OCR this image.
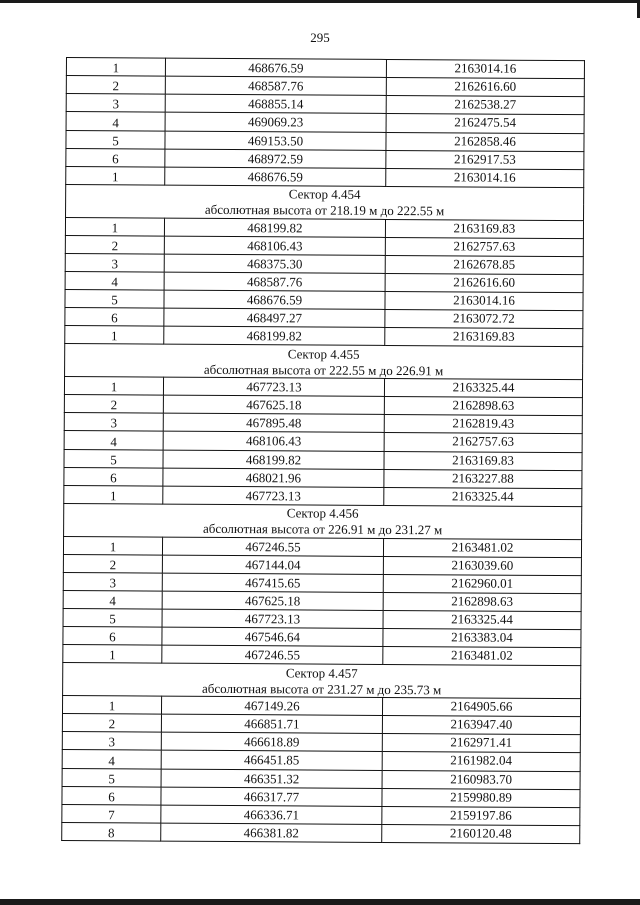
295
1	468676.59	2163014.16
2	468587.76	2162616.60
3	468855.14	2162538.27
4	469069.23	2162475.54
5	469153.50	2162858.46
6	468972.59	2162917.53
1	468676.59	2163014.16
Сектор 4.454		
абсолютная высота от 218.19 м до 222.55 м		
1	468199.82	2163169.83
2	468106.43	2162757.63
3	468375.30	2162678.85
4	468587.76	2162616.60
5	468676.59	2163014.16
6	468497.27	2163072.72
1	468199.82	2163169.83
Сектор 4.455		
абсолютная высота от 222.55 м до 226.91 м		
1	467723.13	2163325.44
2	467625.18	2162898.63
3	467895.48	2162819.43
4	468106.43	2162757.63
5	468199.82	2163169.83
6	468021.96	2163227.88
1	467723.13	2163325.44
Сектор 4.456		
абсолютная высота от 226.91 м до 231.27 м		
1	467246.55	2163481.02
2	467144.04	2163039.60
3	467415.65	2162960.01
4	467625.18	2162898.63
5	467723.13	2163325.44
6	467546.64	2163383.04
1	467246.55	2163481.02
Сектор 4.457		
абсолютная высота от 231.27 м до 235.73 м		
1	467149.26	2164905.66
2	466851.71	2163947.40
3	466618.89	2162971.41
4	466451.85	2161982.04
5	466351.32	2160983.70
6	466317.77	2159980.89
7	466336.71	2159197.86
8	466381.82	2160120.48
